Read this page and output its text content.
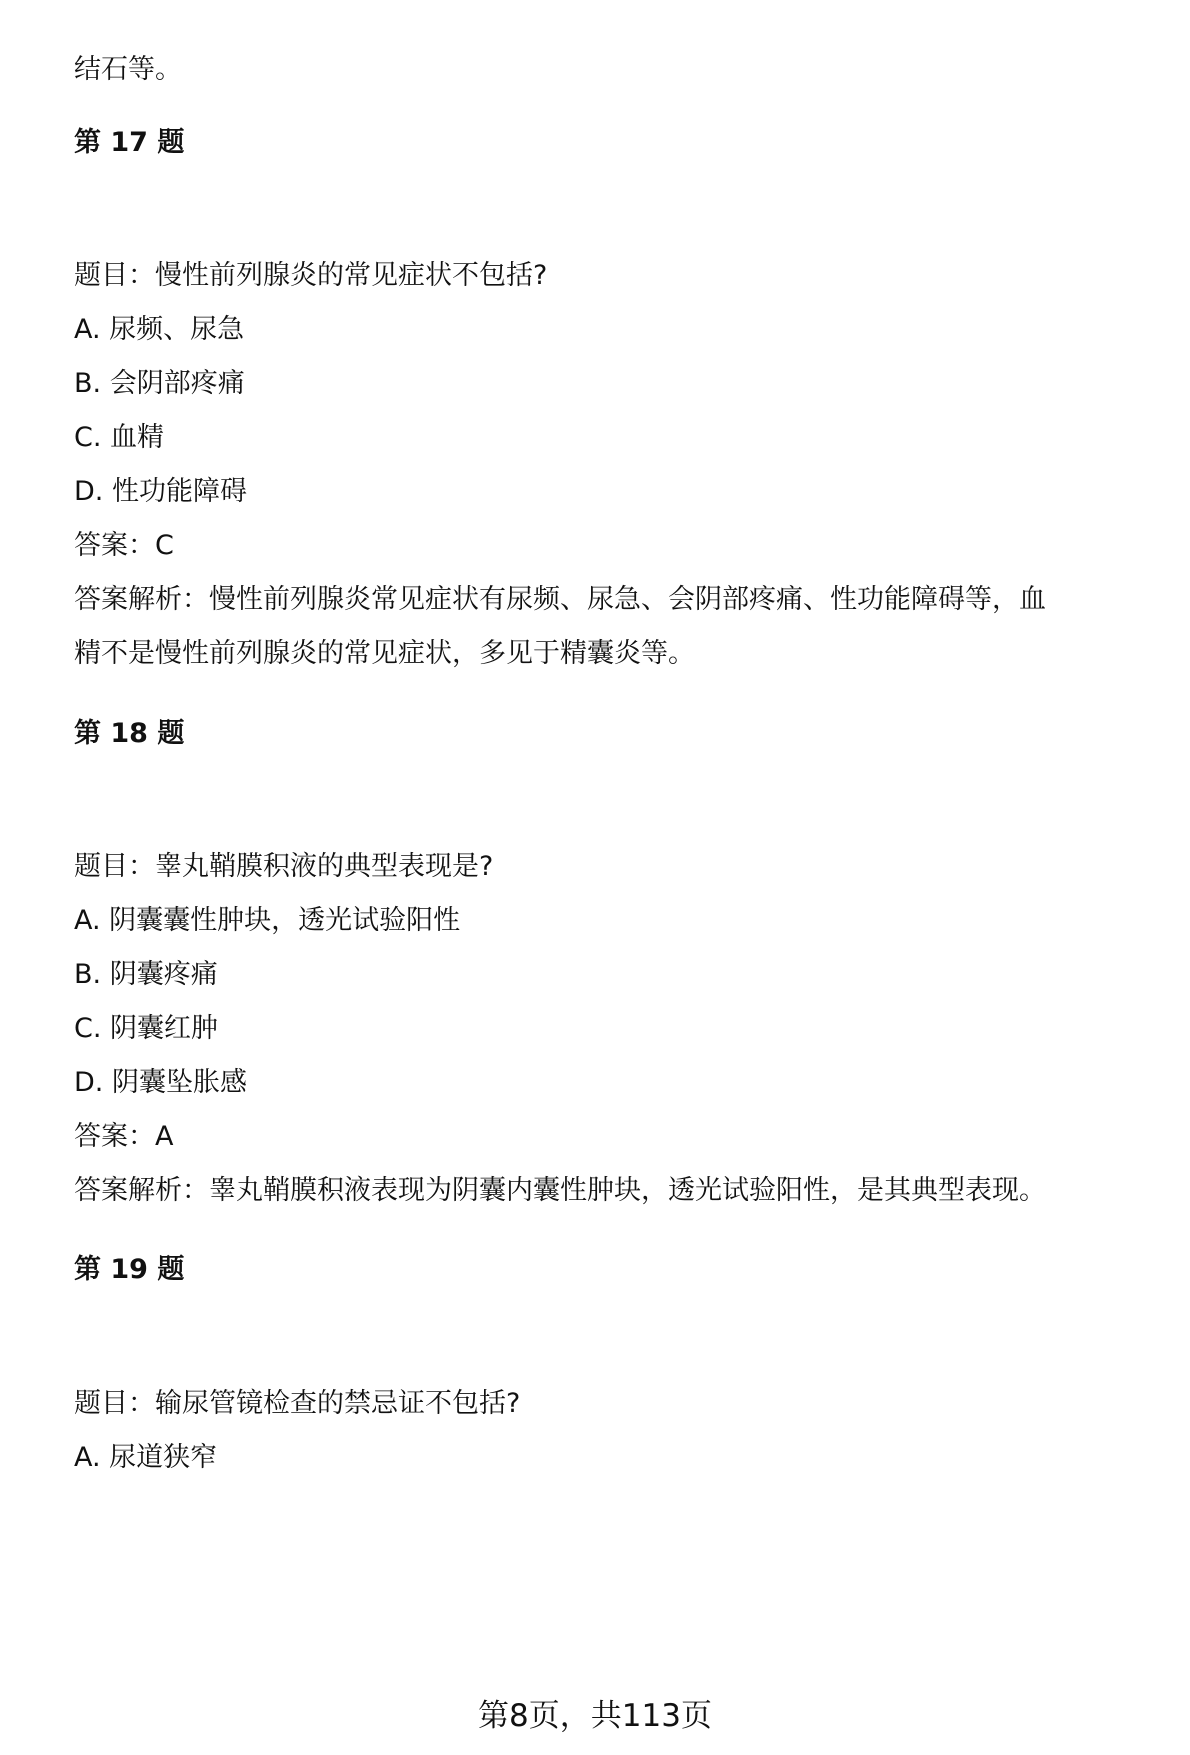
结石等。

第 17 题

题目：慢性前列腺炎的常见症状不包括?

A. 尿频、尿急

B. 会阴部疼痛

C. 血精

D. 性功能障碍

答案：C

答案解析：慢性前列腺炎常见症状有尿频、尿急、会阴部疼痛、性功能障碍等，血

精不是慢性前列腺炎的常见症状，多见于精囊炎等。

第 18 题

题目：睾丸鞘膜积液的典型表现是?

A. 阴囊囊性肿块，透光试验阳性

B. 阴囊疼痛

C. 阴囊红肿

D. 阴囊坠胀感

答案：A

答案解析：睾丸鞘膜积液表现为阴囊内囊性肿块，透光试验阳性，是其典型表现。

第 19 题

题目：输尿管镜检查的禁忌证不包括?

A. 尿道狭窄

第8页，共113页
